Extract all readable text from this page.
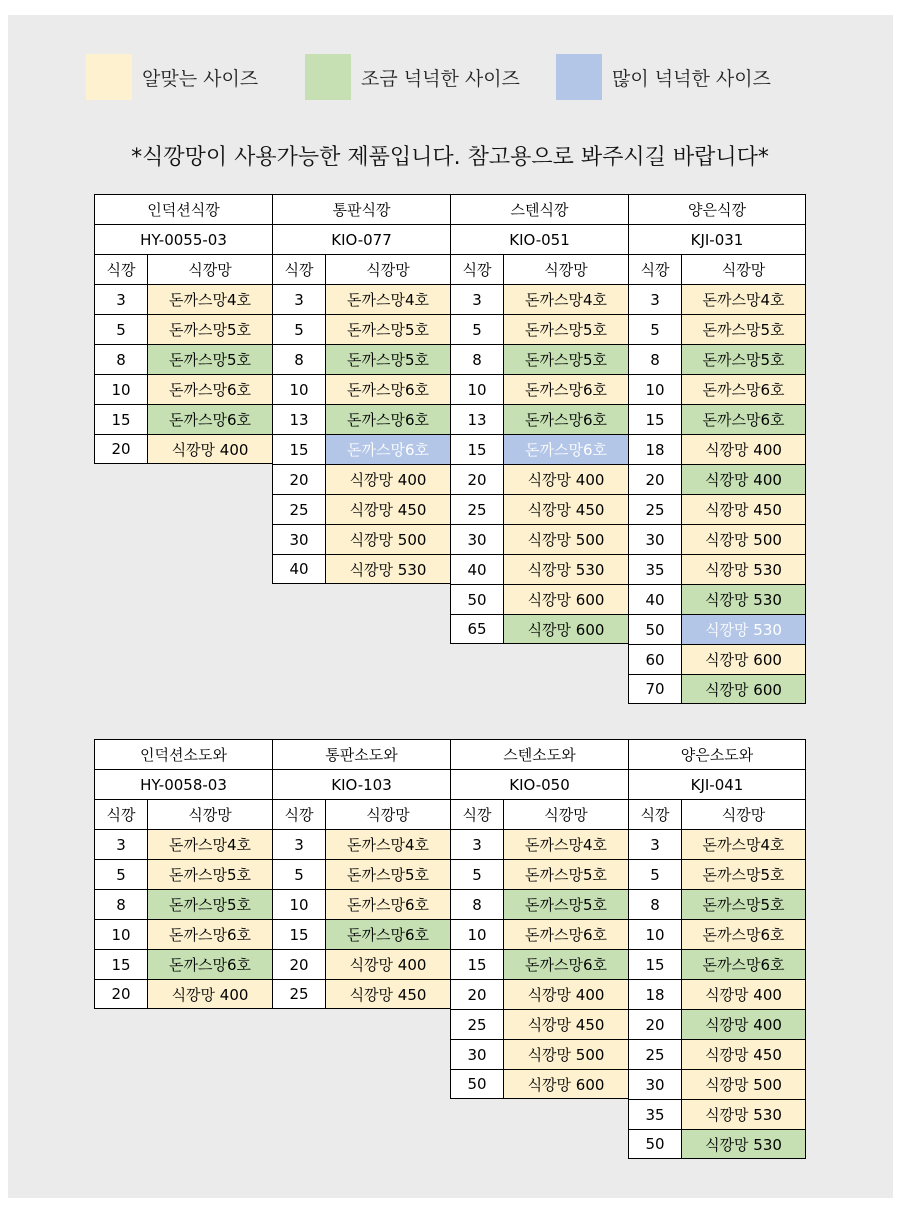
알맞는 사이즈	조금 넉넉한 사이즈	많이 넉넉한 사이즈
*식깡망이 사용가능한 제품입니다. 참고용으로 봐주시길 바랍니다*
인덕션식깡
HY-0055-03
식깡	식깡망
3	돈까스망4호
5	돈까스망5호
8	돈까스망5호
10	돈까스망6호
15	돈까스망6호
20	식깡망 400
통판식깡
KIO-077
식깡	식깡망
3	돈까스망4호
5	돈까스망5호
8	돈까스망5호
10	돈까스망6호
13	돈까스망6호
15	돈까스망6호
20	식깡망 400
25	식깡망 450
30	식깡망 500
40	식깡망 530
스텐식깡
KIO-051
식깡	식깡망
3	돈까스망4호
5	돈까스망5호
8	돈까스망5호
10	돈까스망6호
13	돈까스망6호
15	돈까스망6호
20	식깡망 400
25	식깡망 450
30	식깡망 500
40	식깡망 530
50	식깡망 600
65	식깡망 600
양은식깡
KJI-031
식깡	식깡망
3	돈까스망4호
5	돈까스망5호
8	돈까스망5호
10	돈까스망6호
15	돈까스망6호
18	식깡망 400
20	식깡망 400
25	식깡망 450
30	식깡망 500
35	식깡망 530
40	식깡망 530
50	식깡망 530
60	식깡망 600
70	식깡망 600
인덕션소도와
HY-0058-03
식깡	식깡망
3	돈까스망4호
5	돈까스망5호
8	돈까스망5호
10	돈까스망6호
15	돈까스망6호
20	식깡망 400
통판소도와
KIO-103
식깡	식깡망
3	돈까스망4호
5	돈까스망5호
10	돈까스망6호
15	돈까스망6호
20	식깡망 400
25	식깡망 450
스텐소도와
KIO-050
식깡	식깡망
3	돈까스망4호
5	돈까스망5호
8	돈까스망5호
10	돈까스망6호
15	돈까스망6호
20	식깡망 400
25	식깡망 450
30	식깡망 500
50	식깡망 600
양은소도와
KJI-041
식깡	식깡망
3	돈까스망4호
5	돈까스망5호
8	돈까스망5호
10	돈까스망6호
15	돈까스망6호
18	식깡망 400
20	식깡망 400
25	식깡망 450
30	식깡망 500
35	식깡망 530
50	식깡망 530
